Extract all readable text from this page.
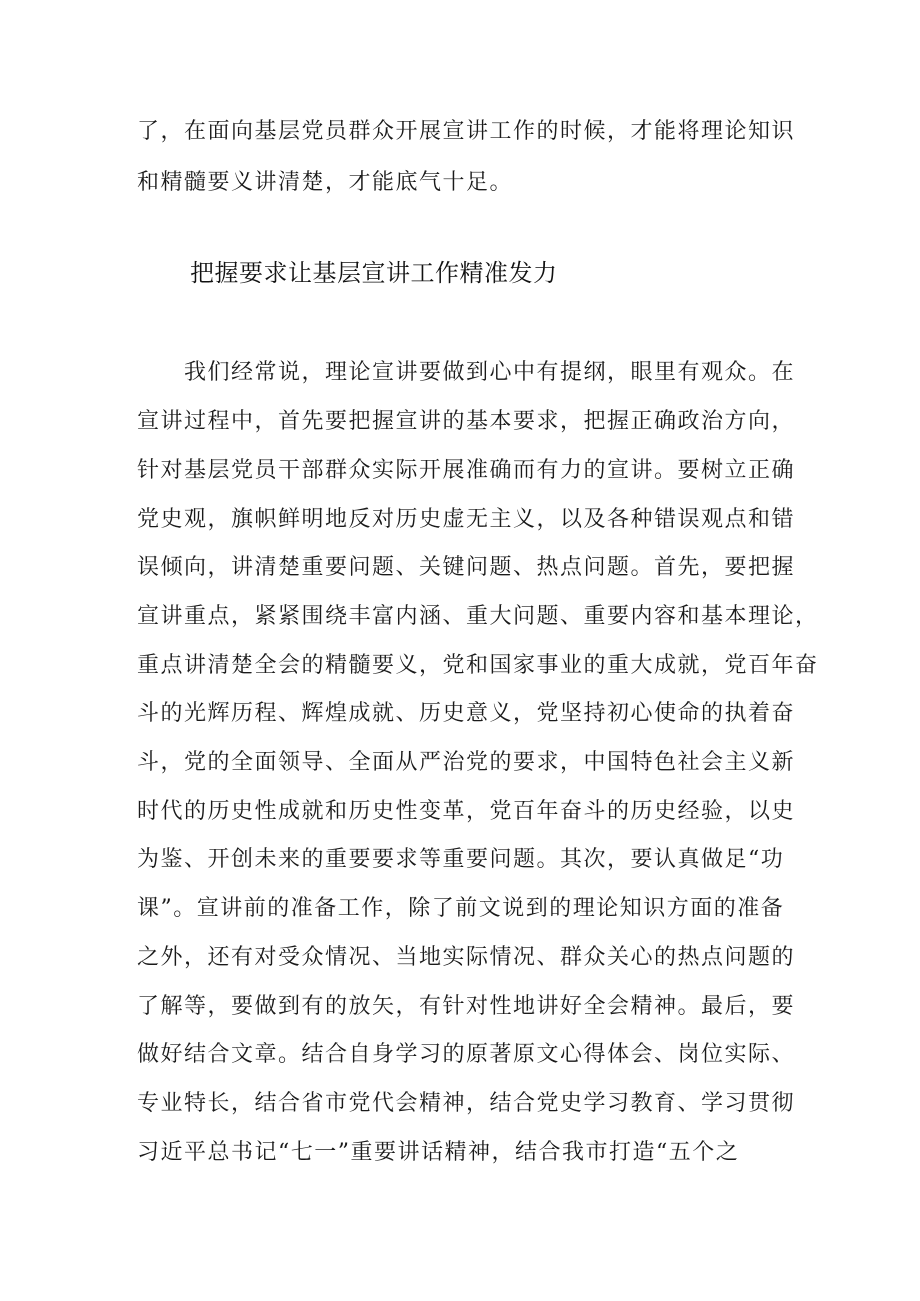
了，在面向基层党员群众开展宣讲工作的时候，才能将理论知识
和精髓要义讲清楚，才能底气十足。
把握要求让基层宣讲工作精准发力
　　我们经常说，理论宣讲要做到心中有提纲，眼里有观众。在
宣讲过程中，首先要把握宣讲的基本要求，把握正确政治方向，
针对基层党员干部群众实际开展准确而有力的宣讲。要树立正确
党史观，旗帜鲜明地反对历史虚无主义，以及各种错误观点和错
误倾向，讲清楚重要问题、关键问题、热点问题。首先，要把握
宣讲重点，紧紧围绕丰富内涵、重大问题、重要内容和基本理论，
重点讲清楚全会的精髓要义，党和国家事业的重大成就，党百年奋
斗的光辉历程、辉煌成就、历史意义，党坚持初心使命的执着奋
斗，党的全面领导、全面从严治党的要求，中国特色社会主义新
时代的历史性成就和历史性变革，党百年奋斗的历史经验，以史
为鉴、开创未来的重要要求等重要问题。其次，要认真做足“功
课”。宣讲前的准备工作，除了前文说到的理论知识方面的准备
之外，还有对受众情况、当地实际情况、群众关心的热点问题的
了解等，要做到有的放矢，有针对性地讲好全会精神。最后，要
做好结合文章。结合自身学习的原著原文心得体会、岗位实际、
专业特长，结合省市党代会精神，结合党史学习教育、学习贯彻
习近平总书记“七一”重要讲话精神，结合我市打造“五个之
